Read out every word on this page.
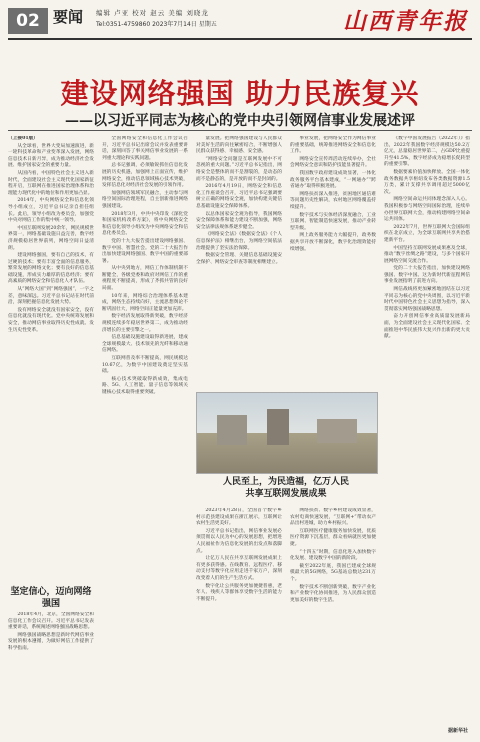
02 要闻 编辑 卢亚 校对 赵云 美编 刘晓龙
Tel:0351-4759860 2023年7月14日 星期五	山西青年报
建设网络强国 助力民族复兴
——以习近平同志为核心的党中央引领网信事业发展述评

（上接01版）

从全球看，世界大变局加速演进，新一轮科技革命和产业变革深入发展，网络信息技术日新月异，成为推动经济社会发展、维护国家安全的重要力量。

从国内看，中国特色社会主义进入新时代，全面建设社会主义现代化国家新征程开启，互联网在推进国家治理体系和治理能力现代化中的地位和作用更加凸显。

2014年，中央网络安全和信息化领导小组成立，习近平总书记亲自担任组长。此后，领导小组改为委员会，加强党中央对网信工作的集中统一领导。

中国互联网发展20余年，网民规模世界第一，网络基础设施日益完善，数字经济规模稳居世界前列，网络空间日益清朗。

建设网络强国，要有自己的技术，有过硬的技术；要有丰富全面的信息服务，繁荣发展的网络文化；要有良好的信息基础设施，形成实力雄厚的信息经济；要有高素质的网络安全和信息化人才队伍。

从“网络大国”到“网络强国”，一字之差，意味深远。习近平总书记站在时代前沿，深刻把握信息化发展大势。

没有网络安全就没有国家安全，没有信息化就没有现代化。党中央统筹发展和安全，推动网信事业取得历史性成就、发生历史性变革。

坚定信心，迈向网络强国

2018年4月，北京，全国网络安全和信息化工作会议召开。习近平总书记发表重要讲话，系统阐述网络强国战略思想。

网络强国战略思想是新时代网信事业发展的根本遵循，为做好网信工作提供了科学指南。

全国网络安全和信息化工作会议召开，习近平总书记出席会议并发表重要讲话，深刻回答了事关网信事业发展的一系列重大理论和实践问题。

总书记强调，必须敏锐抓住信息化发展的历史机遇，加强网上正面宣传，维护网络安全，推动信息领域核心技术突破，发挥信息化对经济社会发展的引领作用。

加强网信领域军民融合，主动参与网络空间国际治理进程，自主创新推进网络强国建设。

2018年3月，中共中央印发《深化党和国家机构改革方案》，将中央网络安全和信息化领导小组改为中央网络安全和信息化委员会。

党的十九大报告提出建设网络强国、数字中国、智慧社会。党的二十大报告作出加快建设网络强国、数字中国的重要部署。

从中央到地方，网信工作体制机制不断健全，各级党委和政府对网信工作的重视程度不断提高，形成了齐抓共管的良好局面。

10年来，网络综合治理体系基本建成，网络生态持续向好，主流思想舆论不断巩固壮大，网络空间正能量更加充沛。

数字经济发展取得新突破，数字经济规模连续多年稳居世界第二，成为推动经济增长的主要引擎之一。

信息基础设施建设取得新进展，建成全球规模最大、技术领先的光纤和移动通信网络。

互联网普及率不断提高，网民规模达10.67亿，为数字中国建设奠定坚实基础。

核心技术突破取得新成效，集成电路、5G、人工智能、量子信息等领域关键核心技术取得重要突破。

量发展。把网络强国建设与人民群众对美好生活的向往紧密结合，不断增强人民群众获得感、幸福感、安全感。

“网络安全问题是互联网发展中不可忽视的重大问题。”习近平总书记指出，网络安全是整体的而不是割裂的，是动态的而不是静态的，是开放的而不是封闭的。

2016年4月19日，网络安全和信息化工作座谈会召开，习近平总书记强调要树立正确的网络安全观，加快构建关键信息基础设施安全保障体系。

以总体国家安全观为指导，我国网络安全保障体系和能力建设不断加强，网络安全法律法规体系逐步健全。

《网络安全法》《数据安全法》《个人信息保护法》相继出台，为网络空间依法治理提供了坚实法治保障。

数据安全管理、关键信息基础设施安全保护、网络安全审查等制度相继建立。

事业发展，把网络安全作为网信事业的重要基础，统筹推进网络安全和信息化工作。

网络安全宣传周活动连续举办，全社会网络安全意识和防护技能显著提升。

我国数字政府建设成效显著，一体化政务服务平台基本建成，“一网通办”“跨省通办”取得积极进展。

网络扶贫深入推进，贫困地区通信难等问题历史性解决，农村地区网络覆盖持续提升。

数字技术与实体经济深度融合，工业互联网、智能制造快速发展，推动产业转型升级。

网上政务服务能力大幅提升，政务数据共享开放不断深化，数字化治理效能持续增强。

人民至上，为民造福，亿万人民
共享互联网发展成果

2023年4月28日，全国首个数字乡村示范县建设成果在浙江展示，互联网让农村生活更美好。

习近平总书记指出，网信事业发展必须贯彻以人民为中心的发展思想，把增进人民福祉作为信息化发展的出发点和落脚点。

让亿万人民在共享互联网发展成果上有更多获得感。在线教育、远程医疗、移动支付等数字化应用走进千家万户，深刻改变着人们的生产生活方式。

数字化让公共服务更加便捷普惠，老年人、残疾人等群体享受数字生活的能力不断提升。

网络扶贫、数字乡村建设成效显著，农村电商快速发展，“互联网+”带动农产品出村进城，助力乡村振兴。

互联网医疗健康服务加快发展，优质医疗资源下沉基层，群众看病就医更加便捷。

“十四五”时期，信息化进入加快数字化发展、建设数字中国的新阶段。

截至2022年底，我国已建成全球规模最大的5G网络，5G基站总数达231万个。

数字技术不断创新突破，数字产业化和产业数字化协同推进，为人民群众创造更加美好的数字生活。

《数字中国发展报告（2022年）》指出，2022年我国数字经济规模达50.2万亿元，总量稳居世界第二，占GDP比重提升至41.5%，数字经济成为稳增长促转型的重要引擎。

数据要素价值加快释放。全国一体化政务数据共享枢纽发布各类数据资源1.5万类，累计支撑共享调用超过5000亿次。

网络空间命运共同体理念深入人心。我国积极参与网络空间国际治理，连续举办世界互联网大会，推动构建网络空间命运共同体。

2022年7月，世界互联网大会国际组织在北京成立，为全球互联网共享共治搭建新平台。

中国坚持互联网发展成果惠及全球，推动“数字丝绸之路”建设，与多个国家开展网络空间交流合作。

党的二十大报告指出，加快建设网络强国、数字中国。这为新时代新征程网信事业发展指明了前进方向。

网信战线将更加紧密地团结在以习近平同志为核心的党中央周围，以习近平新时代中国特色社会主义思想为指导，深入贯彻落实网络强国战略思想。

奋力开创网信事业高质量发展新局面，为全面建设社会主义现代化国家、全面推进中华民族伟大复兴作出新的更大贡献。

据新华社
